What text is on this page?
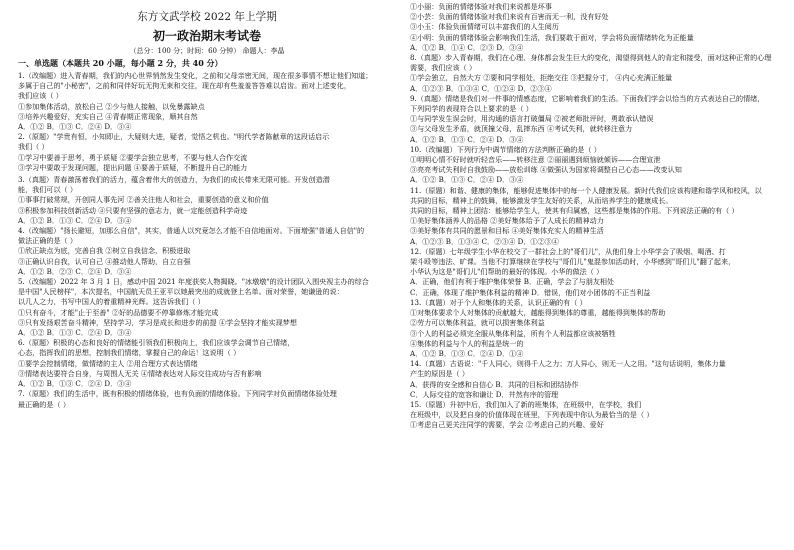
东方文武学校 2022 年上学期
初一政治期末考试卷
（总分：100 分；时间：60 分钟） 命题人：李晶
一、单选题（本题共 20 小题，每小题 2 分，共 40 分）
1.（改编题）进入青春期，我们的内心世界悄然发生变化，之前和父母亲密无间，现在很多事情不想让他们知道；
多属于自己的"小秘密"，之前和同伴好玩无拘无束和交往，现在却有些羞羞答答难以启齿。面对上述变化，
我们应该（ ）
①参加集体活动，放松自己 ②少与他人接触，以免暴露缺点
③培养兴趣爱好，充实自己 ④青春期正常现象，顺其自然
A．①② B．①③ C．②④ D．③④
2.（原题）"学贵有恒，小知即止，大疑则大进，疑者，觉悟之机也。"明代学者陈献章的这段话启示
我们（ ）
①学习中要善于思考，勇于质疑 ②要学会独立思考，不要与他人合作交流
③学习中要敢于发现问题，提出问题 ④要善于质疑，不断提升自己的能力
3.（真题）青春激荡着我们的活力，蕴含着伟大的创造力，为我们的成长带来无限可能。开发创造潜
能，我们可以（ ）
①事事打破常规，开创同人事先河 ②善关注他人和社会，重要创造的意义和价值
③积极参加科技创新活动 ④只要有坚强的意志力，就一定能创造科学奇迹
A．①② B．①③ C．②④ D．③④
4.（改编题）"扬长避短，加那么自信"，其实，普通人以究竟怎么才能不自信地面对。下面增强"普通人自信"的
做法正确的是（ ）
①欣正缺点为底，完善自我 ②树立自我信念，积极进取
③正确认识自我，认可自己 ④推动他人帮助，自立自强
A．①② B．②③ C．②④ D．③④
5.（改编题）2022 年 3 月 1 日，感动中国 2021 年度获奖人物揭晓。"冰墩墩"的设计团队入围央视主办的综合
是中国"人民榜样"，本次提名，中国航天员王亚平以她最突出的成就登上名单。面对荣誉，她谦逊的说：
以几人之力，书写中国人的着重精神光辉。这告诉我们（ ）
①只有奋斗，才能"止于至善" ②好的品德要不停靠修炼才能完成
③只有发扬艰苦奋斗精神，坚持学习，学习是成长和进步的前提 ④学会坚持才能实现梦想
A．①② B．①③ C．②④ D．③④
6.（原题）积极的心态和良好的情绪能引领我们积极向上，我们应该学会调节自己情绪，
心态，指挥我们的思想，控制我们情绪，掌握自己的命运！这说明（ ）
①要学会控制情绪，做情绪的主人 ②用合理方式表达情绪
③情绪表达要符合自身，与周围人无关 ④情绪表达对人际交往成功与否有影响
A．①② B．①③ C．②④ D．③④
7.（原题）我们的生活中，既有积极的情绪体验，也有负面的情绪体验。下列同学对负面情绪体验处理
最正确的是（ ）
①小丽：负面的情绪体验对我们来说都是坏事
②小芸：负面的情绪体验对我们来说有百害而无一利，没有好处
③小玉：体验负面情绪可以丰富我们的人生阅历
④小明：负面的情绪体验会影响我们生活，我们要敢于面对，学会将负面情绪转化为正能量
A．①② B．①④ C．②③ D．③④
8.（真题）步入青春期，我们在心理、身体都会发生巨大的变化，渴望得到他人的肯定和接受，面对这种正常的心理
需要，我们应该（ ）
①学会独立，自然大方 ②要和同学相处，拒绝交往 ③把握分寸， ④内心充满正能量
A．①②③ B．①③④ C．①②④ D．②③④
9.（真题）情绪是我们对一件事的情感态度，它影响着我们的生活。下面我们学会以恰当的方式表达自己的情绪，
下列同学的表现符合以上要求的是（ ）
①与同学发生误会时，用沟通的语言打破僵局 ②被老师批评时，勇敢承认错误
③与父母发生矛盾，就顶撞父母，乱摔东西 ④考试失利，就转移注意力
A．①② B．①③ C．②④ D．③④
10.（改编题）下列行为中调节情绪的方法判断正确的是（ ）
①明明心情不好时就听轻音乐——转移注意 ②丽丽遇到烦恼就倾诉——合理宣泄
③亮亮考试失利时自我鼓励——放松训练 ④做强认为国家将调整自己心态——改变认知
A．①② B．①③ C．②④ D．③④
11.（原题）和谐、健康的集体，能够促进集体中的每一个人健康发展。新时代我们应该构建和谐学风和校风，以
共同的目标，精神上的鼓舞，能够激发学生友好的关系，从而培养学生的健康成长。
共同的目标，精神上团结：能够给学生人，使其有归属感，这些都是集体的作用。下列说法正确的有（ ）
①美好集体涵养人的品格 ②美好集体给予了人成长的精神动力
③美好集体有共同的愿景和目标 ④美好集体充实人的精神生活
A．①②③ B．①③④ C．②③④ D．①②③④
12.（原题）七年级学生小华在校交了一群社会上的"哥们儿"，从他们身上小华学会了吸烟、喝酒、打
架斗殴等违法、旷课。当他不打算继续在学校与"哥们儿"鬼混参加活动时，小华感到"哥们儿"翻了起来，
小华认为这是"哥们儿"们帮助的最好的体现。小华的做法（ ）
A．正确，他们有利于维护集体荣誉 B．正确，学会了与朋友相处
C．正确，体现了维护集体利益的精神 D．错误，他们对小团体的不正当利益
13.（真题）对于个人和集体的关系，认识正确的有（ ）
①对集体要求个人对集体的贡献越大，越能得到集体的尊重，越能得到集体的帮助
②劳力可以集体利益，就可以损害集体利益
③个人的利益必须完全服从集体利益，所有个人利益都应该被牺牲
④集体的利益与个人的利益是统一的
A．①② B．①③ C．②④ D．①④
14.（真题）古语说："千人同心，则得千人之力；万人异心，则无一人之用。"这句话说明，集体力量
产生的原因是（ ）
A．获得的安全感和自信心 B．共同的目标和团结协作
C．人际交往的宽容和谦让 D．井然有序的管理
15.（原题）升初中后，我们加入了新的班集体，在班级中，在学校，我们
在班级中，以及把自身的价值体现在班里，下列表现中你认为最恰当的是（ ）
①考虑自己更关注同学的需要，学会 ②考虑自己的兴趣、爱好
